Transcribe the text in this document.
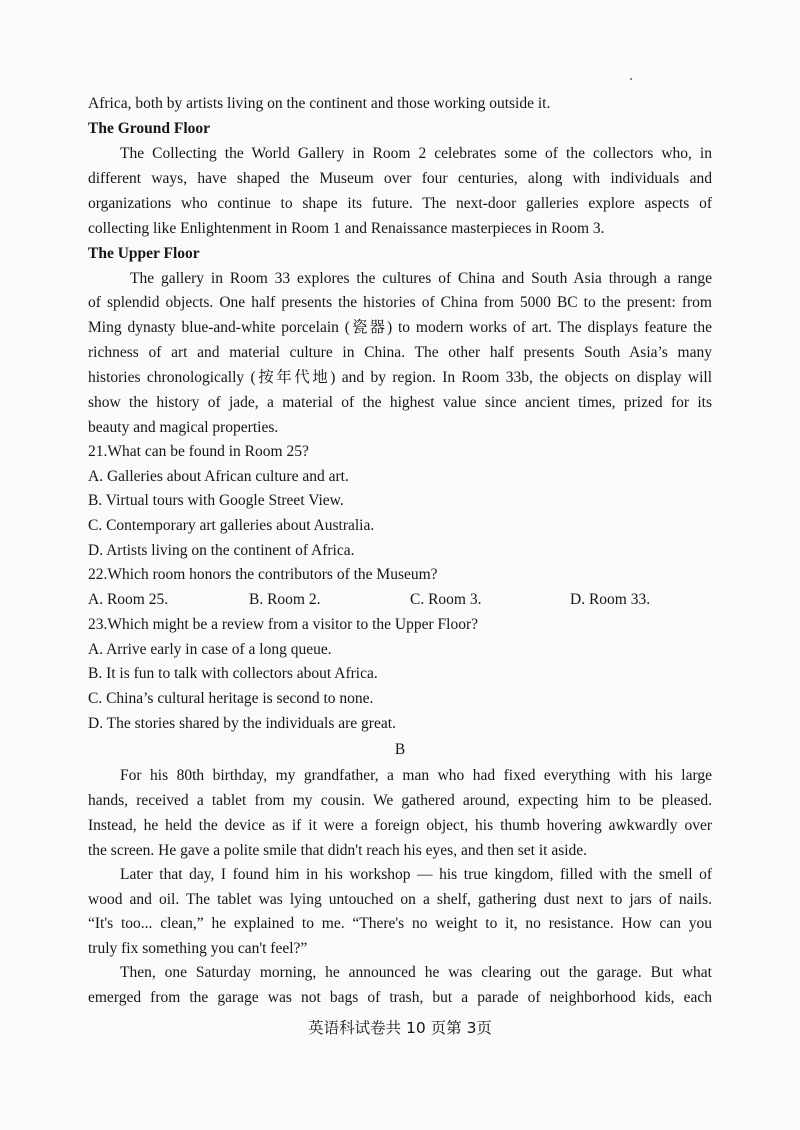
Africa, both by artists living on the continent and those working outside it.
The Ground Floor
The Collecting the World Gallery in Room 2 celebrates some of the collectors who, in
different ways, have shaped the Museum over four centuries, along with individuals and
organizations who continue to shape its future. The next-door galleries explore aspects of
collecting like Enlightenment in Room 1 and Renaissance masterpieces in Room 3.
The Upper Floor
The gallery in Room 33 explores the cultures of China and South Asia through a range
of splendid objects. One half presents the histories of China from 5000 BC to the present: from
Ming dynasty blue-and-white porcelain (瓷器) to modern works of art. The displays feature the
richness of art and material culture in China. The other half presents South Asia’s many
histories chronologically (按年代地) and by region. In Room 33b, the objects on display will
show the history of jade, a material of the highest value since ancient times, prized for its
beauty and magical properties.
21.What can be found in Room 25?
A. Galleries about African culture and art.
B. Virtual tours with Google Street View.
C. Contemporary art galleries about Australia.
D. Artists living on the continent of Africa.
22.Which room honors the contributors of the Museum?
A. Room 25.	B. Room 2.	C. Room 3.	D. Room 33.
23.Which might be a review from a visitor to the Upper Floor?
A. Arrive early in case of a long queue.
B. It is fun to talk with collectors about Africa.
C. China’s cultural heritage is second to none.
D. The stories shared by the individuals are great.
B
For his 80th birthday, my grandfather, a man who had fixed everything with his large
hands, received a tablet from my cousin. We gathered around, expecting him to be pleased.
Instead, he held the device as if it were a foreign object, his thumb hovering awkwardly over
the screen. He gave a polite smile that didn't reach his eyes, and then set it aside.
Later that day, I found him in his workshop — his true kingdom, filled with the smell of
wood and oil. The tablet was lying untouched on a shelf, gathering dust next to jars of nails.
“It's too... clean,” he explained to me. “There's no weight to it, no resistance. How can you
truly fix something you can't feel?”
Then, one Saturday morning, he announced he was clearing out the garage. But what
emerged from the garage was not bags of trash, but a parade of neighborhood kids, each
英语科试卷共 10 页第 3页
